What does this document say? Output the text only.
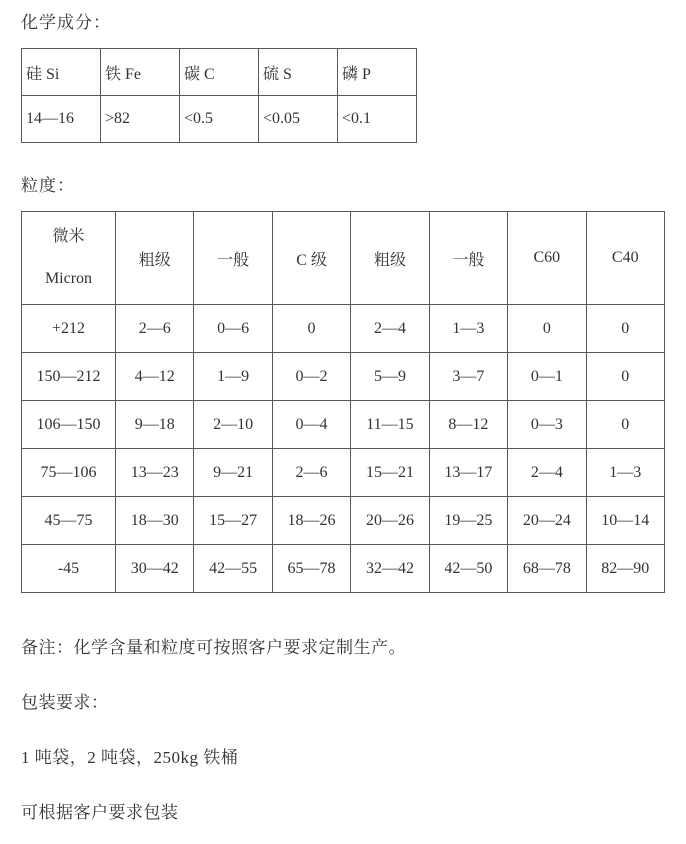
化学成分：
硅 Si	铁 Fe	碳 C	硫 S	磷 P
14—16	>82	<0.5	<0.05	<0.1
粒度：
微米
Micron	粗级	一般	C 级	粗级	一般	C60	C40
+212	2—6	0—6	0	2—4	1—3	0	0
150—212	4—12	1—9	0—2	5—9	3—7	0—1	0
106—150	9—18	2—10	0—4	11—15	8—12	0—3	0
75—106	13—23	9—21	2—6	15—21	13—17	2—4	1—3
45—75	18—30	15—27	18—26	20—26	19—25	20—24	10—14
-45	30—42	42—55	65—78	32—42	42—50	68—78	82—90
备注：化学含量和粒度可按照客户要求定制生产。
包装要求：
1 吨袋，2 吨袋，250kg 铁桶
可根据客户要求包装
